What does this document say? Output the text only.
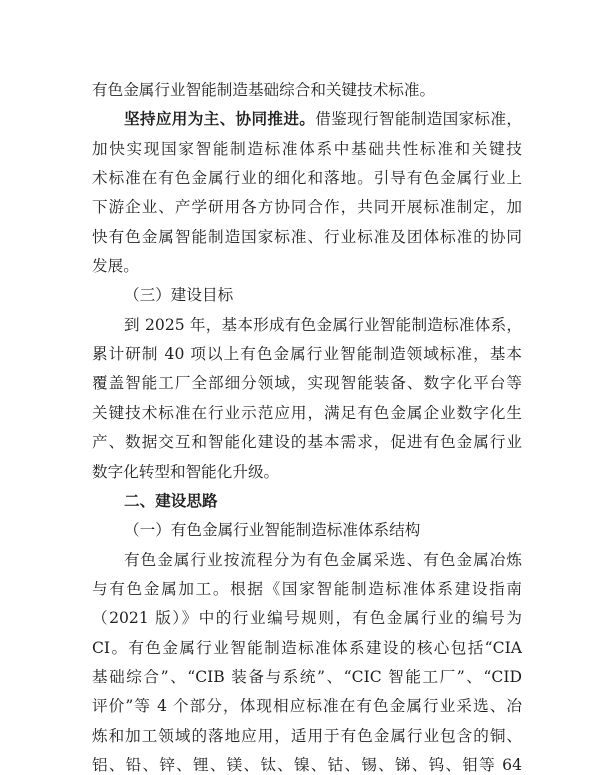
有色金属行业智能制造基础综合和关键技术标准。
坚持应用为主、协同推进。借鉴现行智能制造国家标准，
加快实现国家智能制造标准体系中基础共性标准和关键技
术标准在有色金属行业的细化和落地。引导有色金属行业上
下游企业、产学研用各方协同合作，共同开展标准制定，加
快有色金属智能制造国家标准、行业标准及团体标准的协同
发展。
（三）建设目标
到 2025 年，基本形成有色金属行业智能制造标准体系，
累计研制 40 项以上有色金属行业智能制造领域标准，基本
覆盖智能工厂全部细分领域，实现智能装备、数字化平台等
关键技术标准在行业示范应用，满足有色金属企业数字化生
产、数据交互和智能化建设的基本需求，促进有色金属行业
数字化转型和智能化升级。
二、建设思路
（一）有色金属行业智能制造标准体系结构
有色金属行业按流程分为有色金属采选、有色金属冶炼
与有色金属加工。根据《国家智能制造标准体系建设指南
（2021 版）》中的行业编号规则，有色金属行业的编号为
CI。有色金属行业智能制造标准体系建设的核心包括“CIA
基础综合”、“CIB 装备与系统”、“CIC 智能工厂”、“CID
评价”等 4 个部分，体现相应标准在有色金属行业采选、冶
炼和加工领域的落地应用，适用于有色金属行业包含的铜、
铝、铅、锌、锂、镁、钛、镍、钴、锡、锑、钨、钼等 64
